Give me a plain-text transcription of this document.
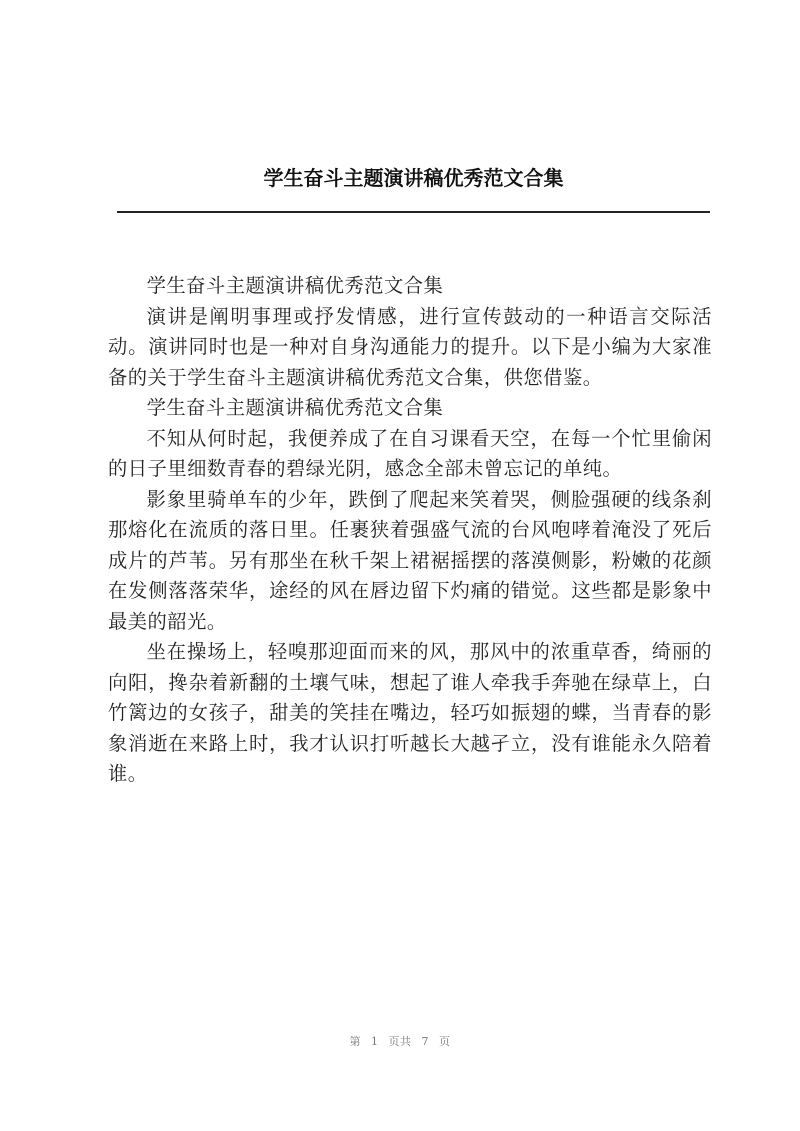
学生奋斗主题演讲稿优秀范文合集

学生奋斗主题演讲稿优秀范文合集

演讲是阐明事理或抒发情感，进行宣传鼓动的一种语言交际活动。演讲同时也是一种对自身沟通能力的提升。以下是小编为大家准备的关于学生奋斗主题演讲稿优秀范文合集，供您借鉴。

学生奋斗主题演讲稿优秀范文合集

不知从何时起，我便养成了在自习课看天空，在每一个忙里偷闲的日子里细数青春的碧绿光阴，感念全部未曾忘记的单纯。

影象里骑单车的少年，跌倒了爬起来笑着哭，侧脸强硬的线条刹那熔化在流质的落日里。任裹狭着强盛气流的台风咆哮着淹没了死后成片的芦苇。另有那坐在秋千架上裙裾摇摆的落漠侧影，粉嫩的花颜在发侧落落荣华，途经的风在唇边留下灼痛的错觉。这些都是影象中最美的韶光。

坐在操场上，轻嗅那迎面而来的风，那风中的浓重草香，绮丽的向阳，搀杂着新翻的土壤气味，想起了谁人牵我手奔驰在绿草上，白竹篱边的女孩子，甜美的笑挂在嘴边，轻巧如振翅的蝶，当青春的影象消逝在来路上时，我才认识打听越长大越孑立，没有谁能永久陪着谁。

第 1 页共 7 页
